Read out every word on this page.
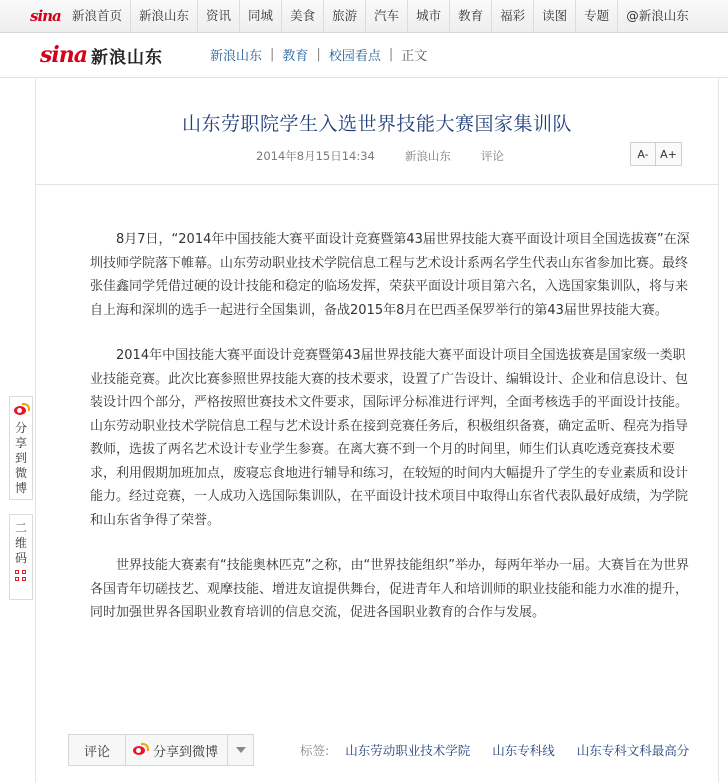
sina 新浪首页	新浪山东	资讯	同城	美食	旅游	汽车	城市	教育	福彩	读图	专题	@新浪山东
sina 新浪山东	新浪山东 | 教育 | 校园看点 | 正文
山东劳职院学生入选世界技能大赛国家集训队
2014年8月15日14:34	新浪山东	评论	A-	A+

8月7日，“2014年中国技能大赛平面设计竞赛暨第43届世界技能大赛平面设计项目全国选拔赛”在深圳技师学院落下帷幕。山东劳动职业技术学院信息工程与艺术设计系两名学生代表山东省参加比赛。最终张佳鑫同学凭借过硬的设计技能和稳定的临场发挥，荣获平面设计项目第六名，入选国家集训队，将与来自上海和深圳的选手一起进行全国集训，备战2015年8月在巴西圣保罗举行的第43届世界技能大赛。

2014年中国技能大赛平面设计竞赛暨第43届世界技能大赛平面设计项目全国选拔赛是国家级一类职业技能竞赛。此次比赛参照世界技能大赛的技术要求，设置了广告设计、编辑设计、企业和信息设计、包装设计四个部分，严格按照世赛技术文件要求，国际评分标准进行评判，全面考核选手的平面设计技能。山东劳动职业技术学院信息工程与艺术设计系在接到竞赛任务后，积极组织备赛，确定孟昕、程亮为指导教师，选拔了两名艺术设计专业学生参赛。在离大赛不到一个月的时间里，师生们认真吃透竞赛技术要求，利用假期加班加点，废寝忘食地进行辅导和练习，在较短的时间内大幅提升了学生的专业素质和设计能力。经过竞赛，一人成功入选国际集训队，在平面设计技术项目中取得山东省代表队最好成绩，为学院和山东省争得了荣誉。

世界技能大赛素有“技能奥林匹克”之称，由“世界技能组织”举办，每两年举办一届。大赛旨在为世界各国青年切磋技艺、观摩技能、增进友谊提供舞台，促进青年人和培训师的职业技能和能力水准的提升，同时加强世界各国职业教育培训的信息交流，促进各国职业教育的合作与发展。

分享到微博
二维码
评论	分享到微博	标签: 山东劳动职业技术学院 山东专科线 山东专科文科最高分
